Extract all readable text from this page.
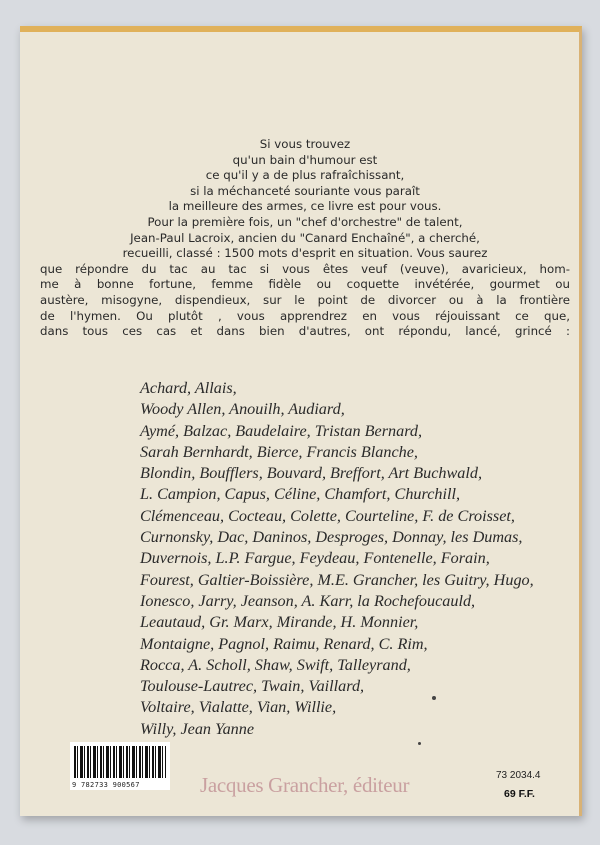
Si vous trouvez

qu'un bain d'humour est

ce qu'il y a de plus rafraîchissant,

si la méchanceté souriante vous paraît

la meilleure des armes, ce livre est pour vous.

Pour la première fois, un "chef d'orchestre" de talent,

Jean-Paul Lacroix, ancien du "Canard Enchaîné", a cherché,

recueilli, classé : 1500 mots d'esprit en situation. Vous saurez

que répondre du tac au tac si vous êtes veuf (veuve), avaricieux, hom-

me à bonne fortune, femme fidèle ou coquette invétérée, gourmet ou

austère, misogyne, dispendieux, sur le point de divorcer ou à la frontière

de l'hymen. Ou plutôt , vous apprendrez en vous réjouissant ce que,

dans tous ces cas et dans bien d'autres, ont répondu, lancé, grincé :

Achard, Allais,
Woody Allen, Anouilh, Audiard,
Aymé, Balzac, Baudelaire, Tristan Bernard,
Sarah Bernhardt, Bierce, Francis Blanche,
Blondin, Boufflers, Bouvard, Breffort, Art Buchwald,
L. Campion, Capus, Céline, Chamfort, Churchill,
Clémenceau, Cocteau, Colette, Courteline, F. de Croisset,
Curnonsky, Dac, Daninos, Desproges, Donnay, les Dumas,
Duvernois, L.P. Fargue, Feydeau, Fontenelle, Forain,
Fourest, Galtier-Boissière, M.E. Grancher, les Guitry, Hugo,
Ionesco, Jarry, Jeanson, A. Karr, la Rochefoucauld,
Leautaud, Gr. Marx, Mirande, H. Monnier,
Montaigne, Pagnol, Raimu, Renard, C. Rim,
Rocca, A. Scholl, Shaw, Swift, Talleyrand,
Toulouse-Lautrec, Twain, Vaillard,
Voltaire, Vialatte, Vian, Willie,
Willy, Jean Yanne
9 782733 900567	Jacques Grancher, éditeur	73 2034.4
69 F.F.
